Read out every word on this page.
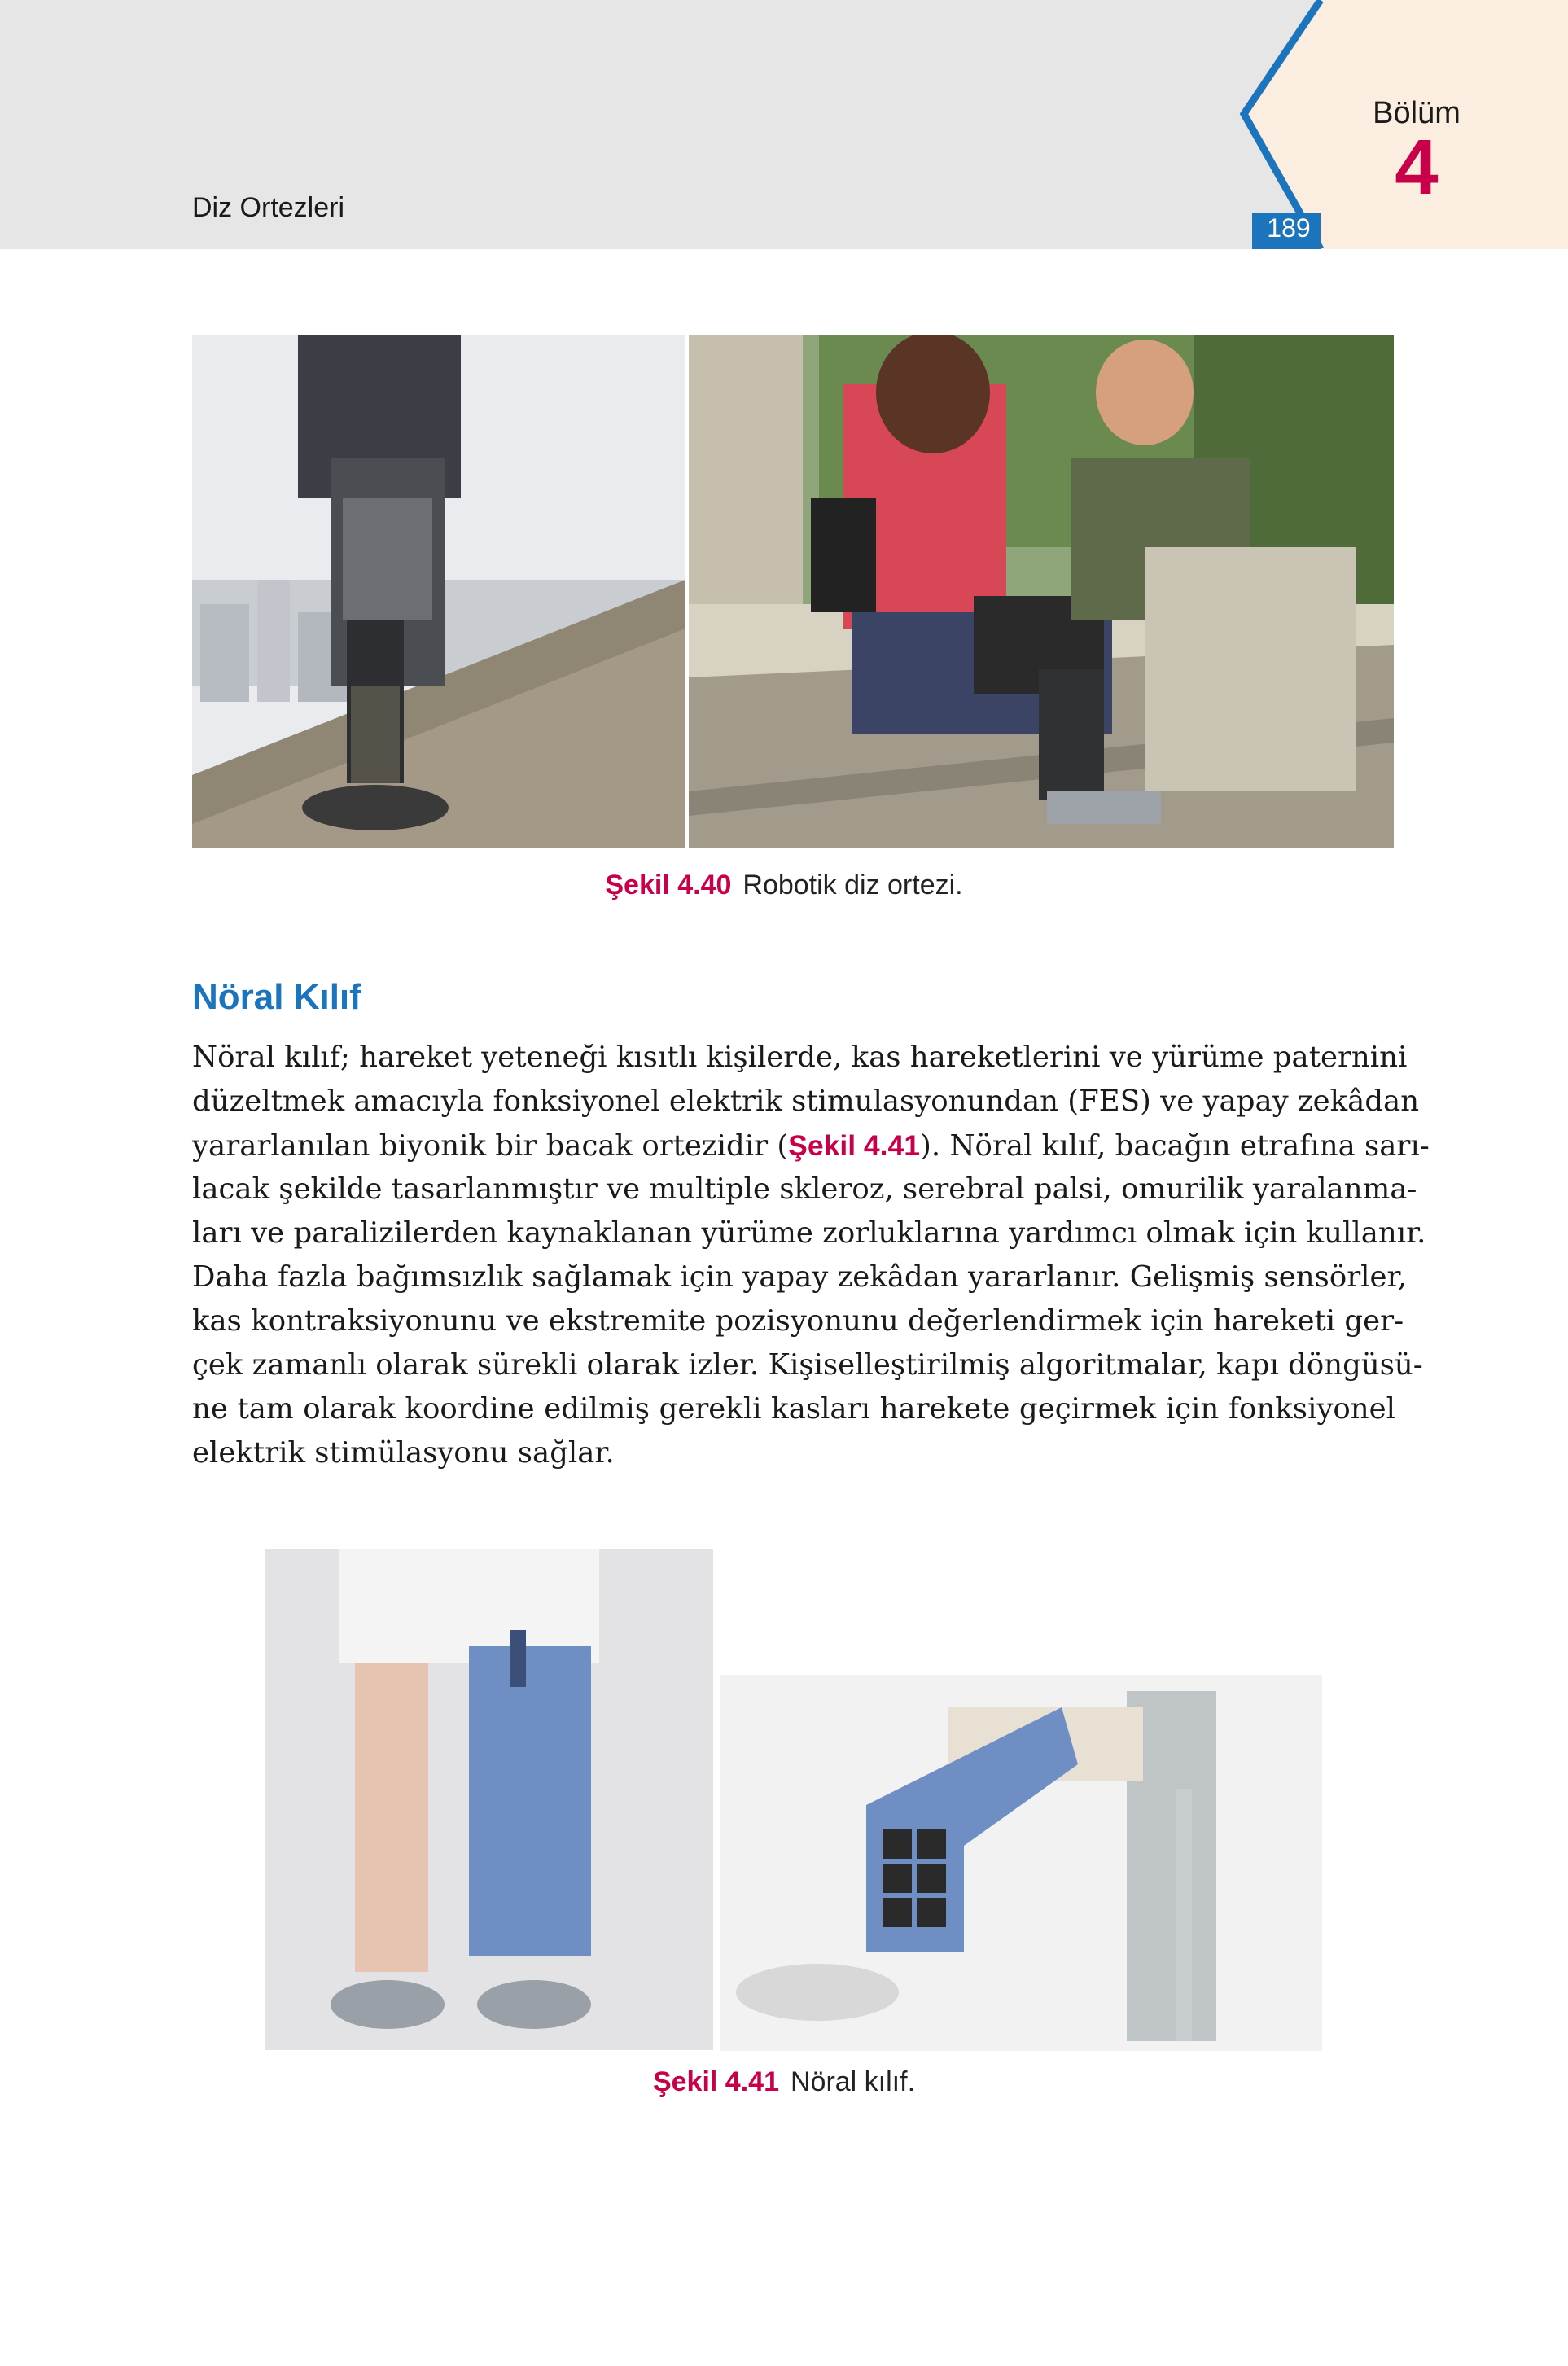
Diz Ortezleri
189
Bölüm
4
Şekil 4.40 Robotik diz ortezi.
Nöral Kılıf
Nöral kılıf; hareket yeteneği kısıtlı kişilerde, kas hareketlerini ve yürüme paternini
düzeltmek amacıyla fonksiyonel elektrik stimulasyonundan (FES) ve yapay zekâdan
yararlanılan biyonik bir bacak ortezidir (Şekil 4.41). Nöral kılıf, bacağın etrafına sarı-
lacak şekilde tasarlanmıştır ve multiple skleroz, serebral palsi, omurilik yaralanma-
ları ve paralizilerden kaynaklanan yürüme zorluklarına yardımcı olmak için kullanır.
Daha fazla bağımsızlık sağlamak için yapay zekâdan yararlanır. Gelişmiş sensörler,
kas kontraksiyonunu ve ekstremite pozisyonunu değerlendirmek için hareketi ger-
çek zamanlı olarak sürekli olarak izler. Kişiselleştirilmiş algoritmalar, kapı döngüsü-
ne tam olarak koordine edilmiş gerekli kasları harekete geçirmek için fonksiyonel
elektrik stimülasyonu sağlar.
Şekil 4.41 Nöral kılıf.
